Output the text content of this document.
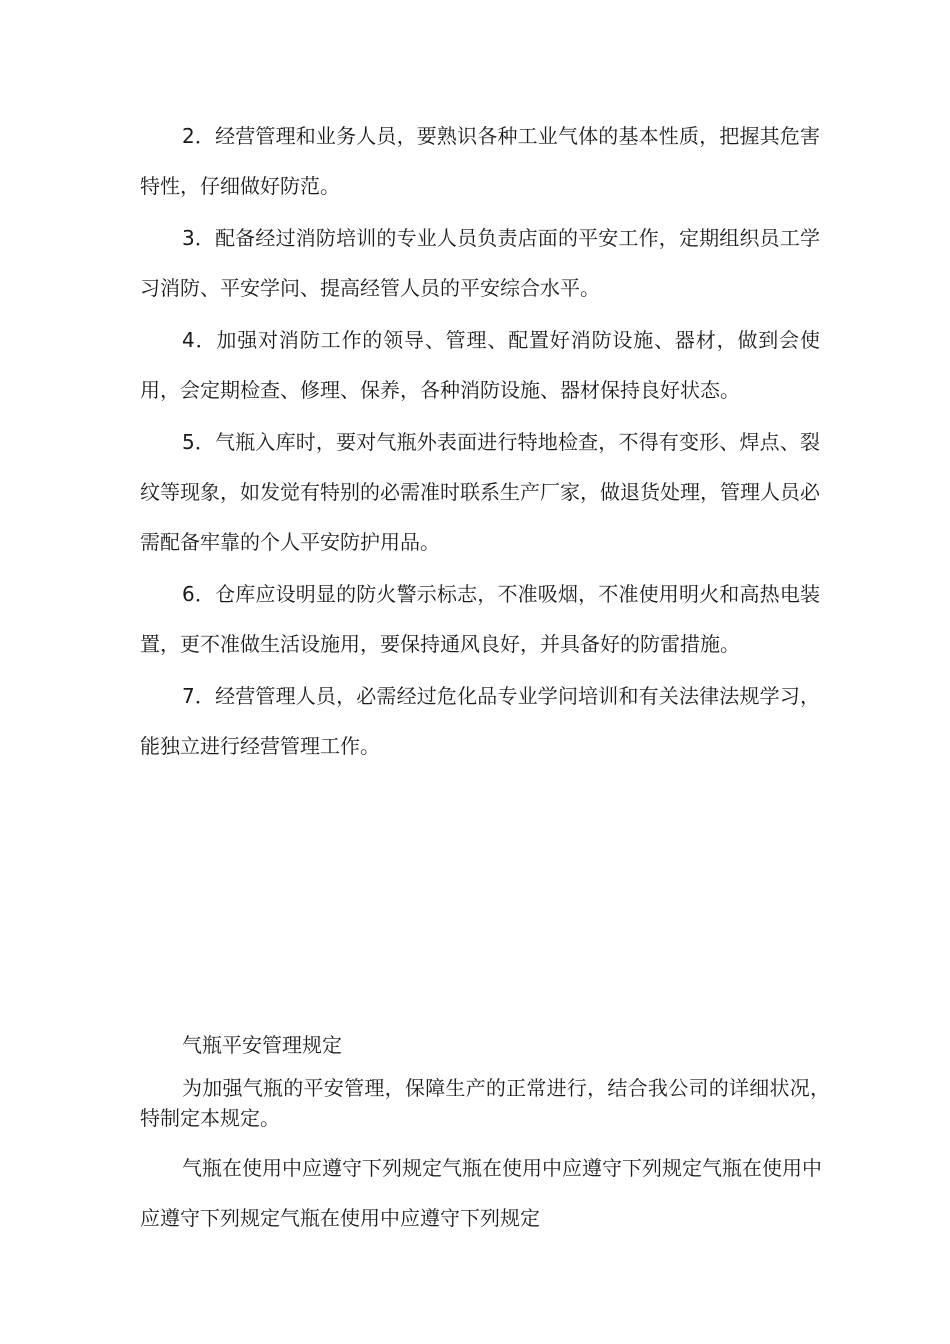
2．经营管理和业务人员，要熟识各种工业气体的基本性质，把握其危害特性，仔细做好防范。

3．配备经过消防培训的专业人员负责店面的平安工作，定期组织员工学习消防、平安学问、提高经管人员的平安综合水平。

4．加强对消防工作的领导、管理、配置好消防设施、器材，做到会使用，会定期检查、修理、保养，各种消防设施、器材保持良好状态。

5．气瓶入库时，要对气瓶外表面进行特地检查，不得有变形、焊点、裂纹等现象，如发觉有特别的必需准时联系生产厂家，做退货处理，管理人员必需配备牢靠的个人平安防护用品。

6．仓库应设明显的防火警示标志，不准吸烟，不准使用明火和高热电装置，更不准做生活设施用，要保持通风良好，并具备好的防雷措施。

7．经营管理人员，必需经过危化品专业学问培训和有关法律法规学习，能独立进行经营管理工作。

气瓶平安管理规定

为加强气瓶的平安管理，保障生产的正常进行，结合我公司的详细状况，特制定本规定。

气瓶在使用中应遵守下列规定气瓶在使用中应遵守下列规定气瓶在使用中应遵守下列规定气瓶在使用中应遵守下列规定
